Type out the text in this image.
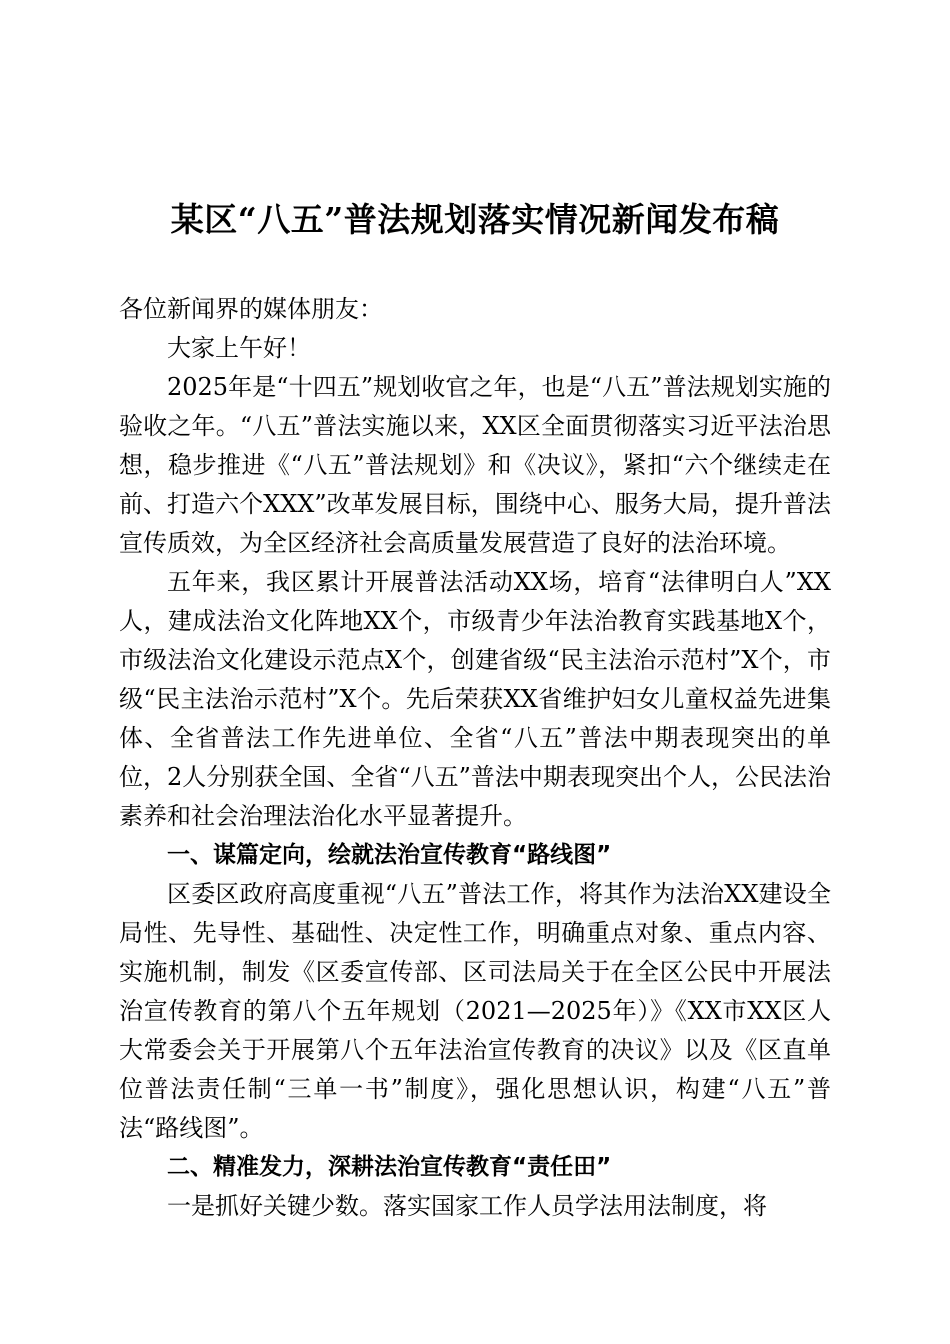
某区“八五”普法规划落实情况新闻发布稿

各位新闻界的媒体朋友：

大家上午好！

2025年是“十四五”规划收官之年，也是“八五”普法规划实施的验收之年。“八五”普法实施以来，XX区全面贯彻落实习近平法治思想，稳步推进《“八五”普法规划》和《决议》，紧扣“六个继续走在前、打造六个XXX”改革发展目标，围绕中心、服务大局，提升普法宣传质效，为全区经济社会高质量发展营造了良好的法治环境。

五年来，我区累计开展普法活动XX场，培育“法律明白人”XX人，建成法治文化阵地XX个，市级青少年法治教育实践基地X个，市级法治文化建设示范点X个，创建省级“民主法治示范村”X个，市级“民主法治示范村”X个。先后荣获XX省维护妇女儿童权益先进集体、全省普法工作先进单位、全省“八五”普法中期表现突出的单位，2人分别获全国、全省“八五”普法中期表现突出个人，公民法治素养和社会治理法治化水平显著提升。

一、谋篇定向，绘就法治宣传教育“路线图”

区委区政府高度重视“八五”普法工作，将其作为法治XX建设全局性、先导性、基础性、决定性工作，明确重点对象、重点内容、实施机制，制发《区委宣传部、区司法局关于在全区公民中开展法治宣传教育的第八个五年规划（2021—2025年）》《XX市XX区人大常委会关于开展第八个五年法治宣传教育的决议》以及《区直单位普法责任制“三单一书”制度》，强化思想认识，构建“八五”普法“路线图”。

二、精准发力，深耕法治宣传教育“责任田”

一是抓好关键少数。落实国家工作人员学法用法制度，将
